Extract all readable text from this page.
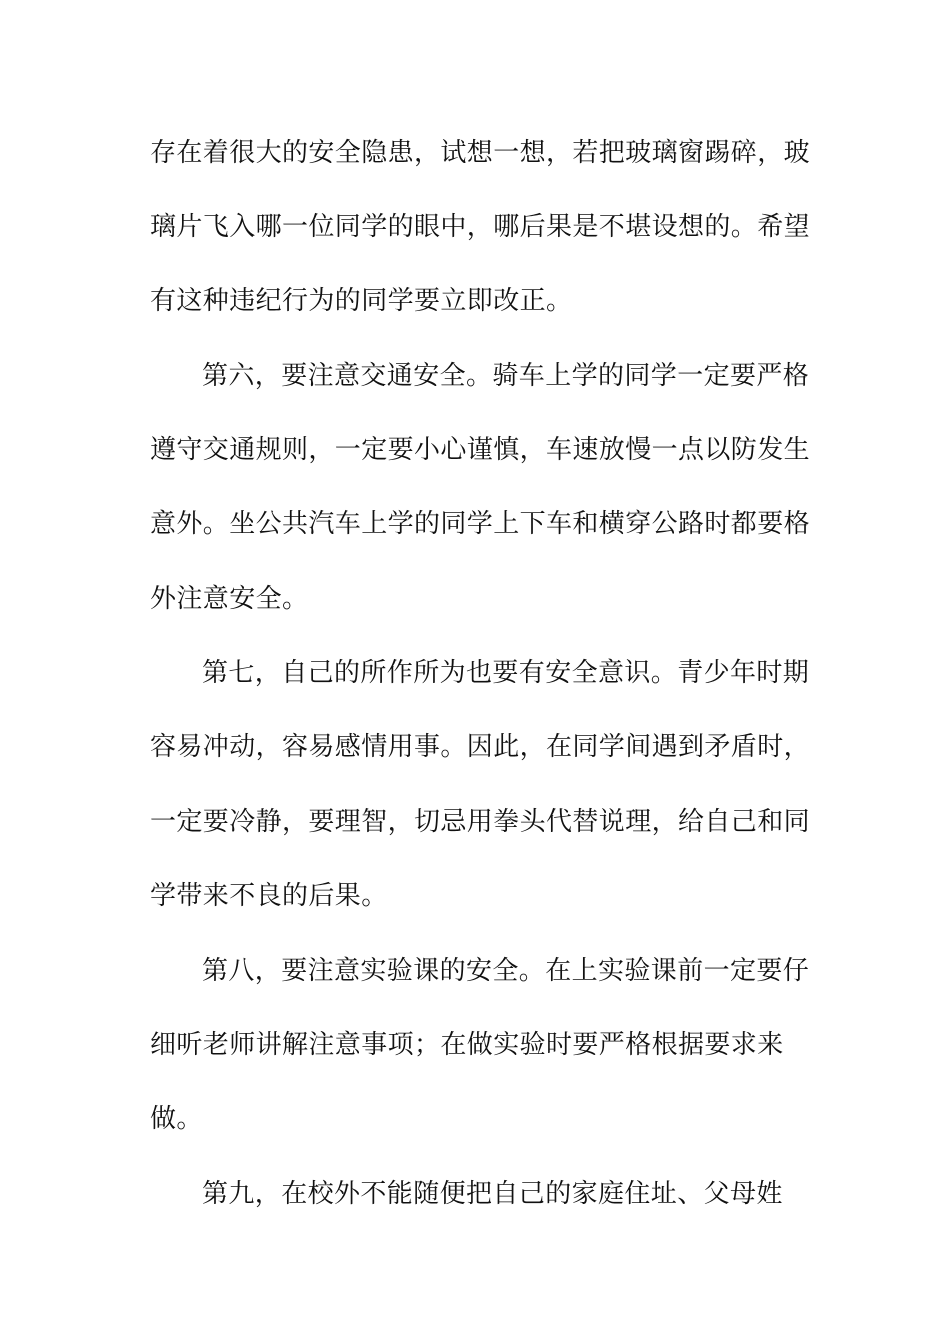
存在着很大的安全隐患，试想一想，若把玻璃窗踢碎，玻

璃片飞入哪一位同学的眼中，哪后果是不堪设想的。希望

有这种违纪行为的同学要立即改正。

第六，要注意交通安全。骑车上学的同学一定要严格

遵守交通规则，一定要小心谨慎，车速放慢一点以防发生

意外。坐公共汽车上学的同学上下车和横穿公路时都要格

外注意安全。

第七，自己的所作所为也要有安全意识。青少年时期

容易冲动，容易感情用事。因此，在同学间遇到矛盾时，

一定要冷静，要理智，切忌用拳头代替说理，给自己和同

学带来不良的后果。

第八，要注意实验课的安全。在上实验课前一定要仔

细听老师讲解注意事项；在做实验时要严格根据要求来

做。

第九，在校外不能随便把自己的家庭住址、父母姓
